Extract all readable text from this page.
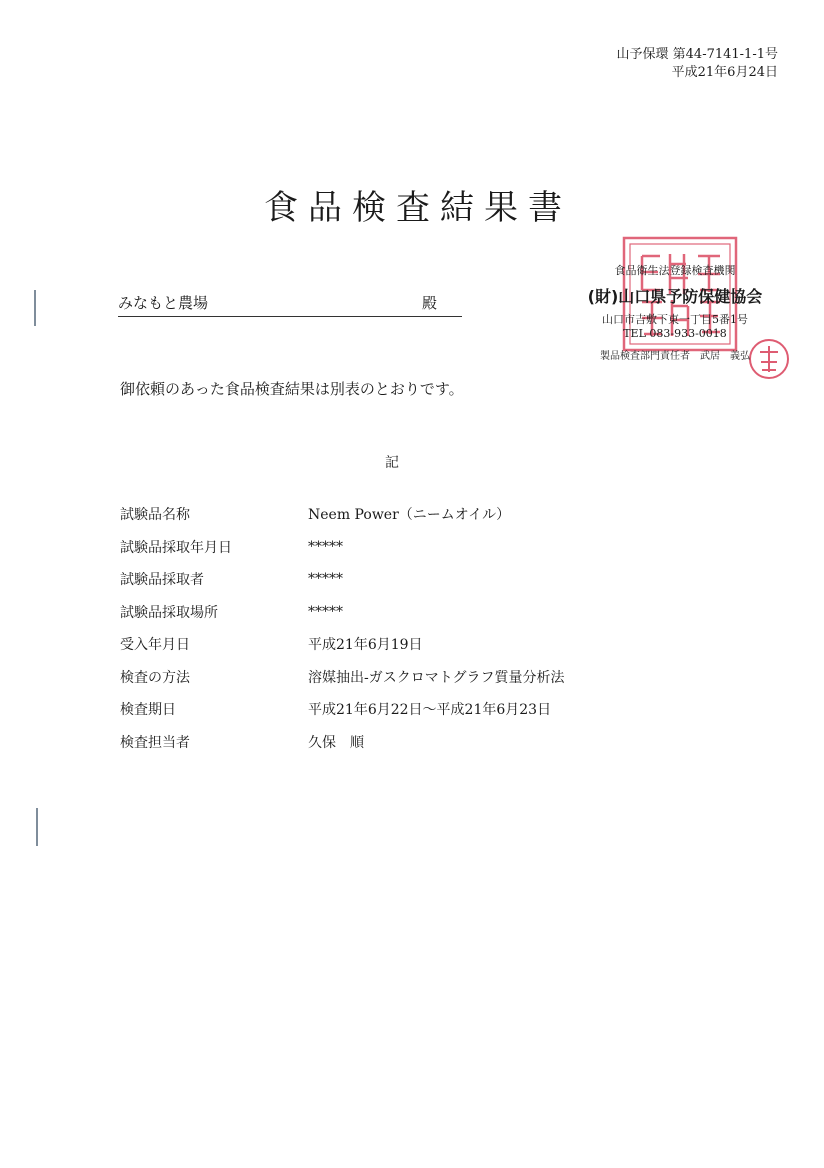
山予保環 第44-7141-1-1号
平成21年6月24日
食品検査結果書
みなもと農場	殿
食品衛生法登録検査機関
(財)山口県予防保健協会
山口市吉敷下東一丁目5番1号
TEL 083-933-0018
製品検査部門責任者　武居　義弘
御依頼のあった食品検査結果は別表のとおりです。
記
試験品名称	Neem Power（ニームオイル）
試験品採取年月日	*****
試験品採取者	*****
試験品採取場所	*****
受入年月日	平成21年6月19日
検査の方法	溶媒抽出-ガスクロマトグラフ質量分析法
検査期日	平成21年6月22日～平成21年6月23日
検査担当者	久保　順
